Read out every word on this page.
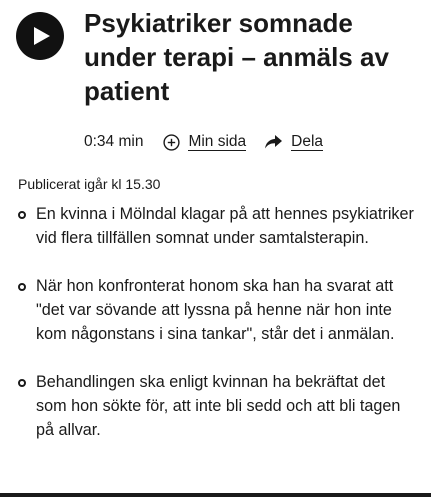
Psykiatriker somnade under terapi – anmäls av patient
0:34 min	Min sida	Dela
Publicerat igår kl 15.30
En kvinna i Mölndal klagar på att hennes psykiatriker vid flera tillfällen somnat under samtalsterapin.
När hon konfronterat honom ska han ha svarat att "det var sövande att lyssna på henne när hon inte kom någonstans i sina tankar", står det i anmälan.
Behandlingen ska enligt kvinnan ha bekräftat det som hon sökte för, att inte bli sedd och att bli tagen på allvar.
